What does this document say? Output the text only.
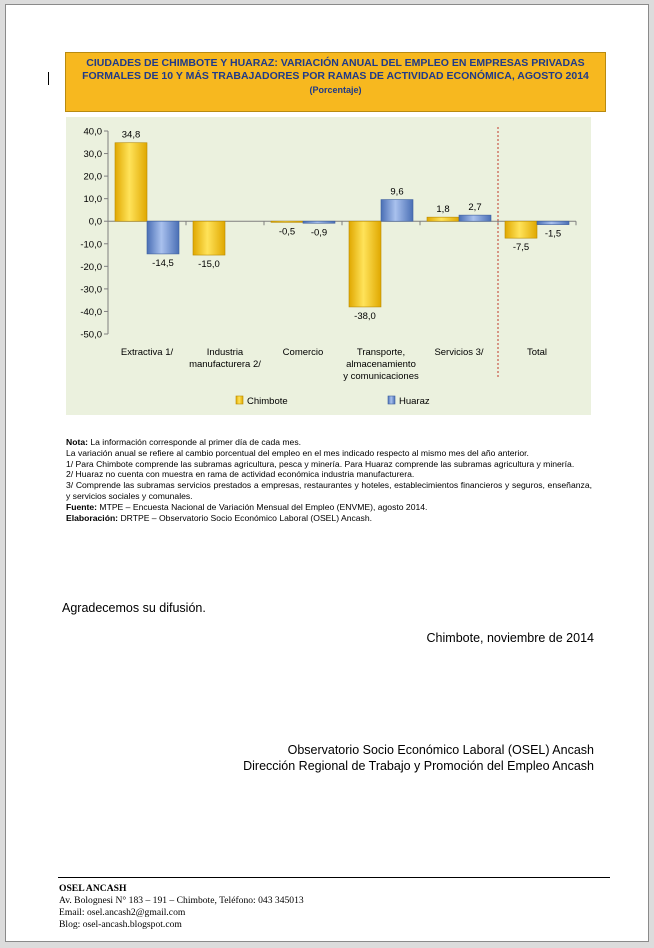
CIUDADES DE CHIMBOTE Y HUARAZ: VARIACIÓN ANUAL DEL EMPLEO EN EMPRESAS PRIVADAS
FORMALES DE 10 Y MÁS TRABAJADORES POR RAMAS DE ACTIVIDAD ECONÓMICA, AGOSTO 2014
(Porcentaje)
40,0
30,0
20,0
10,0
0,0
-10,0
-20,0
-30,0
-40,0
-50,0
34,8
-14,5
Extractiva 1/
-15,0
Industria
manufacturera 2/
-0,5 -0,9
Comercio
-38,0
9,6
Transporte,
almacenamiento
y comunicaciones
1,8 2,7
Servicios 3/
-7,5
-1,5
Total
Chimbote	Huaraz

Nota: La información corresponde al primer día de cada mes.

La variación anual se refiere al cambio porcentual del empleo en el mes indicado respecto al mismo mes del año anterior.

1/ Para Chimbote comprende las subramas agricultura, pesca y minería. Para Huaraz comprende las subramas agricultura y minería.

2/ Huaraz no cuenta con muestra en rama de actividad económica industria manufacturera.

3/ Comprende las subramas servicios prestados a empresas, restaurantes y hoteles, establecimientos financieros y seguros, enseñanza, y servicios sociales y comunales.

Fuente: MTPE – Encuesta Nacional de Variación Mensual del Empleo (ENVME), agosto 2014.

Elaboración: DRTPE – Observatorio Socio Económico Laboral (OSEL) Ancash.

Agradecemos su difusión.
Chimbote, noviembre de 2014
Observatorio Socio Económico Laboral (OSEL) Ancash
Dirección Regional de Trabajo y Promoción del Empleo Ancash
OSEL ANCASH
Av. Bolognesi N° 183 – 191 – Chimbote, Teléfono: 043 345013
Email: osel.ancash2@gmail.com
Blog: osel-ancash.blogspot.com
